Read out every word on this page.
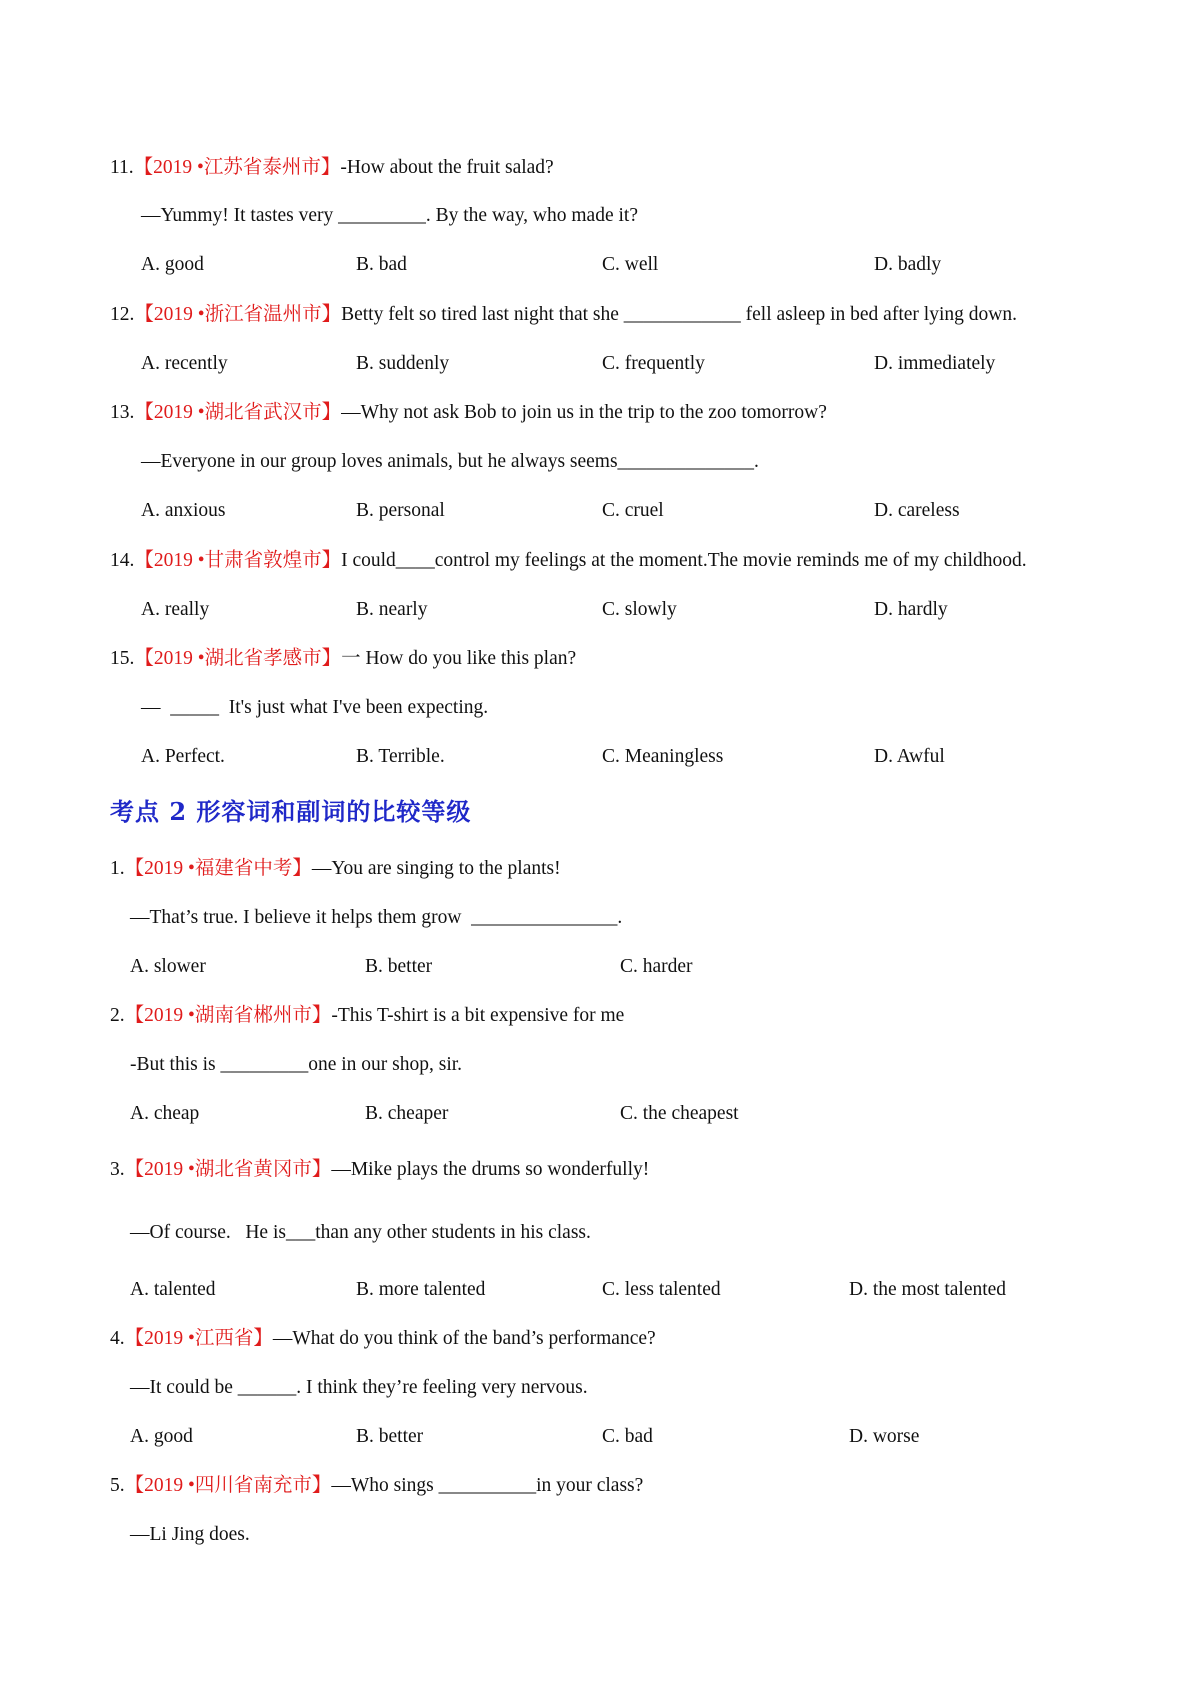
11.【2019 •江苏省泰州市】-How about the fruit salad?
—Yummy! It tastes very _________. By the way, who made it?
A. good	B. bad	C. well	D. badly
12.【2019 •浙江省温州市】Betty felt so tired last night that she ____________ fell asleep in bed after lying down.
A. recently	B. suddenly	C. frequently	D. immediately
13.【2019 •湖北省武汉市】—Why not ask Bob to join us in the trip to the zoo tomorrow?
—Everyone in our group loves animals, but he always seems______________.
A. anxious	B. personal	C. cruel	D. careless
14.【2019 •甘肃省敦煌市】I could____control my feelings at the moment.The movie reminds me of my childhood.
A. really	B. nearly	C. slowly	D. hardly
15.【2019 •湖北省孝感市】一 How do you like this plan?
—  _____  It's just what I've been expecting.
A. Perfect.	B. Terrible.	C. Meaningless	D. Awful
考点 2 形容词和副词的比较等级
1.【2019 •福建省中考】—You are singing to the plants!
—That’s true. I believe it helps them grow  _______________.
A. slower	B. better	C. harder
2.【2019 •湖南省郴州市】-This T-shirt is a bit expensive for me
-But this is _________one in our shop, sir.
A. cheap	B. cheaper	C. the cheapest
3.【2019 •湖北省黄冈市】—Mike plays the drums so wonderfully!
—Of course.   He is___than any other students in his class.
A. talented	B. more talented	C. less talented	D. the most talented
4.【2019 •江西省】—What do you think of the band’s performance?
—It could be ______. I think they’re feeling very nervous.
A. good	B. better	C. bad	D. worse
5.【2019 •四川省南充市】—Who sings __________in your class?
—Li Jing does.
